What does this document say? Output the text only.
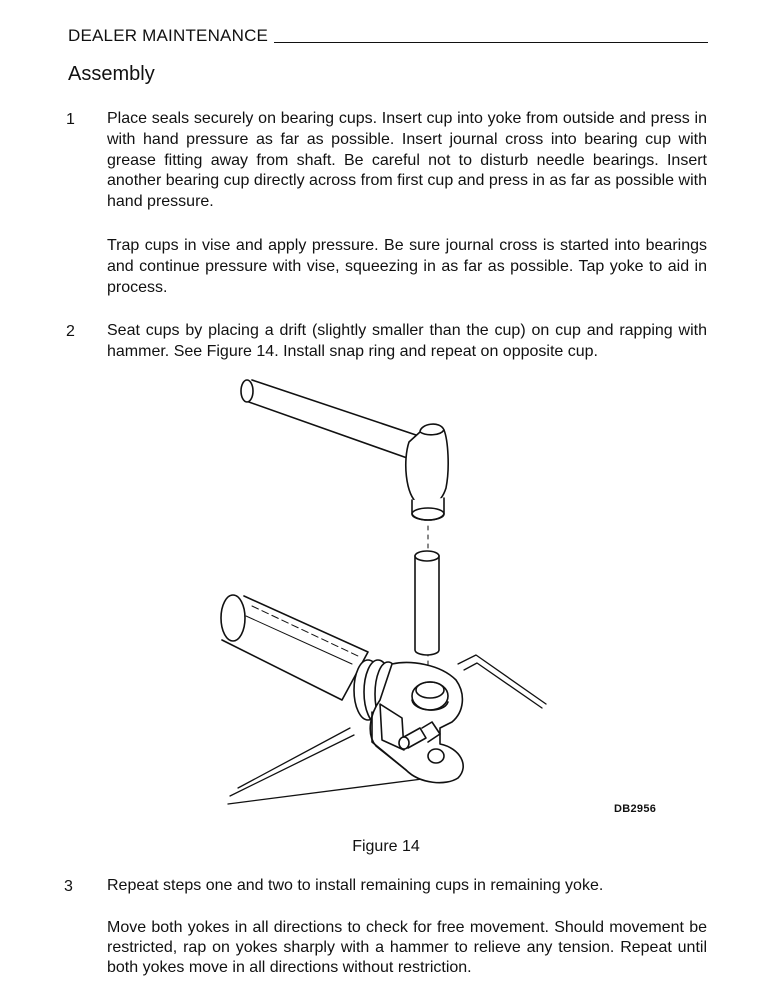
DEALER MAINTENANCE
Assembly
1 Place seals securely on bearing cups. Insert cup into yoke from outside and press in with hand pressure as far as possible. Insert journal cross into bearing cup with grease fitting away from shaft. Be careful not to disturb needle bearings. Insert another bearing cup directly across from first cup and press in as far as possible with hand pressure.
Trap cups in vise and apply pressure. Be sure journal cross is started into bearings and continue pressure with vise, squeezing in as far as possible. Tap yoke to aid in process.
2 Seat cups by placing a drift (slightly smaller than the cup) on cup and rapping with hammer. See Figure 14. Install snap ring and repeat on opposite cup.
DB2956
Figure 14
3 Repeat steps one and two to install remaining cups in remaining yoke.
Move both yokes in all directions to check for free movement. Should movement be restricted, rap on yokes sharply with a hammer to relieve any tension. Repeat until both yokes move in all directions without restriction.
